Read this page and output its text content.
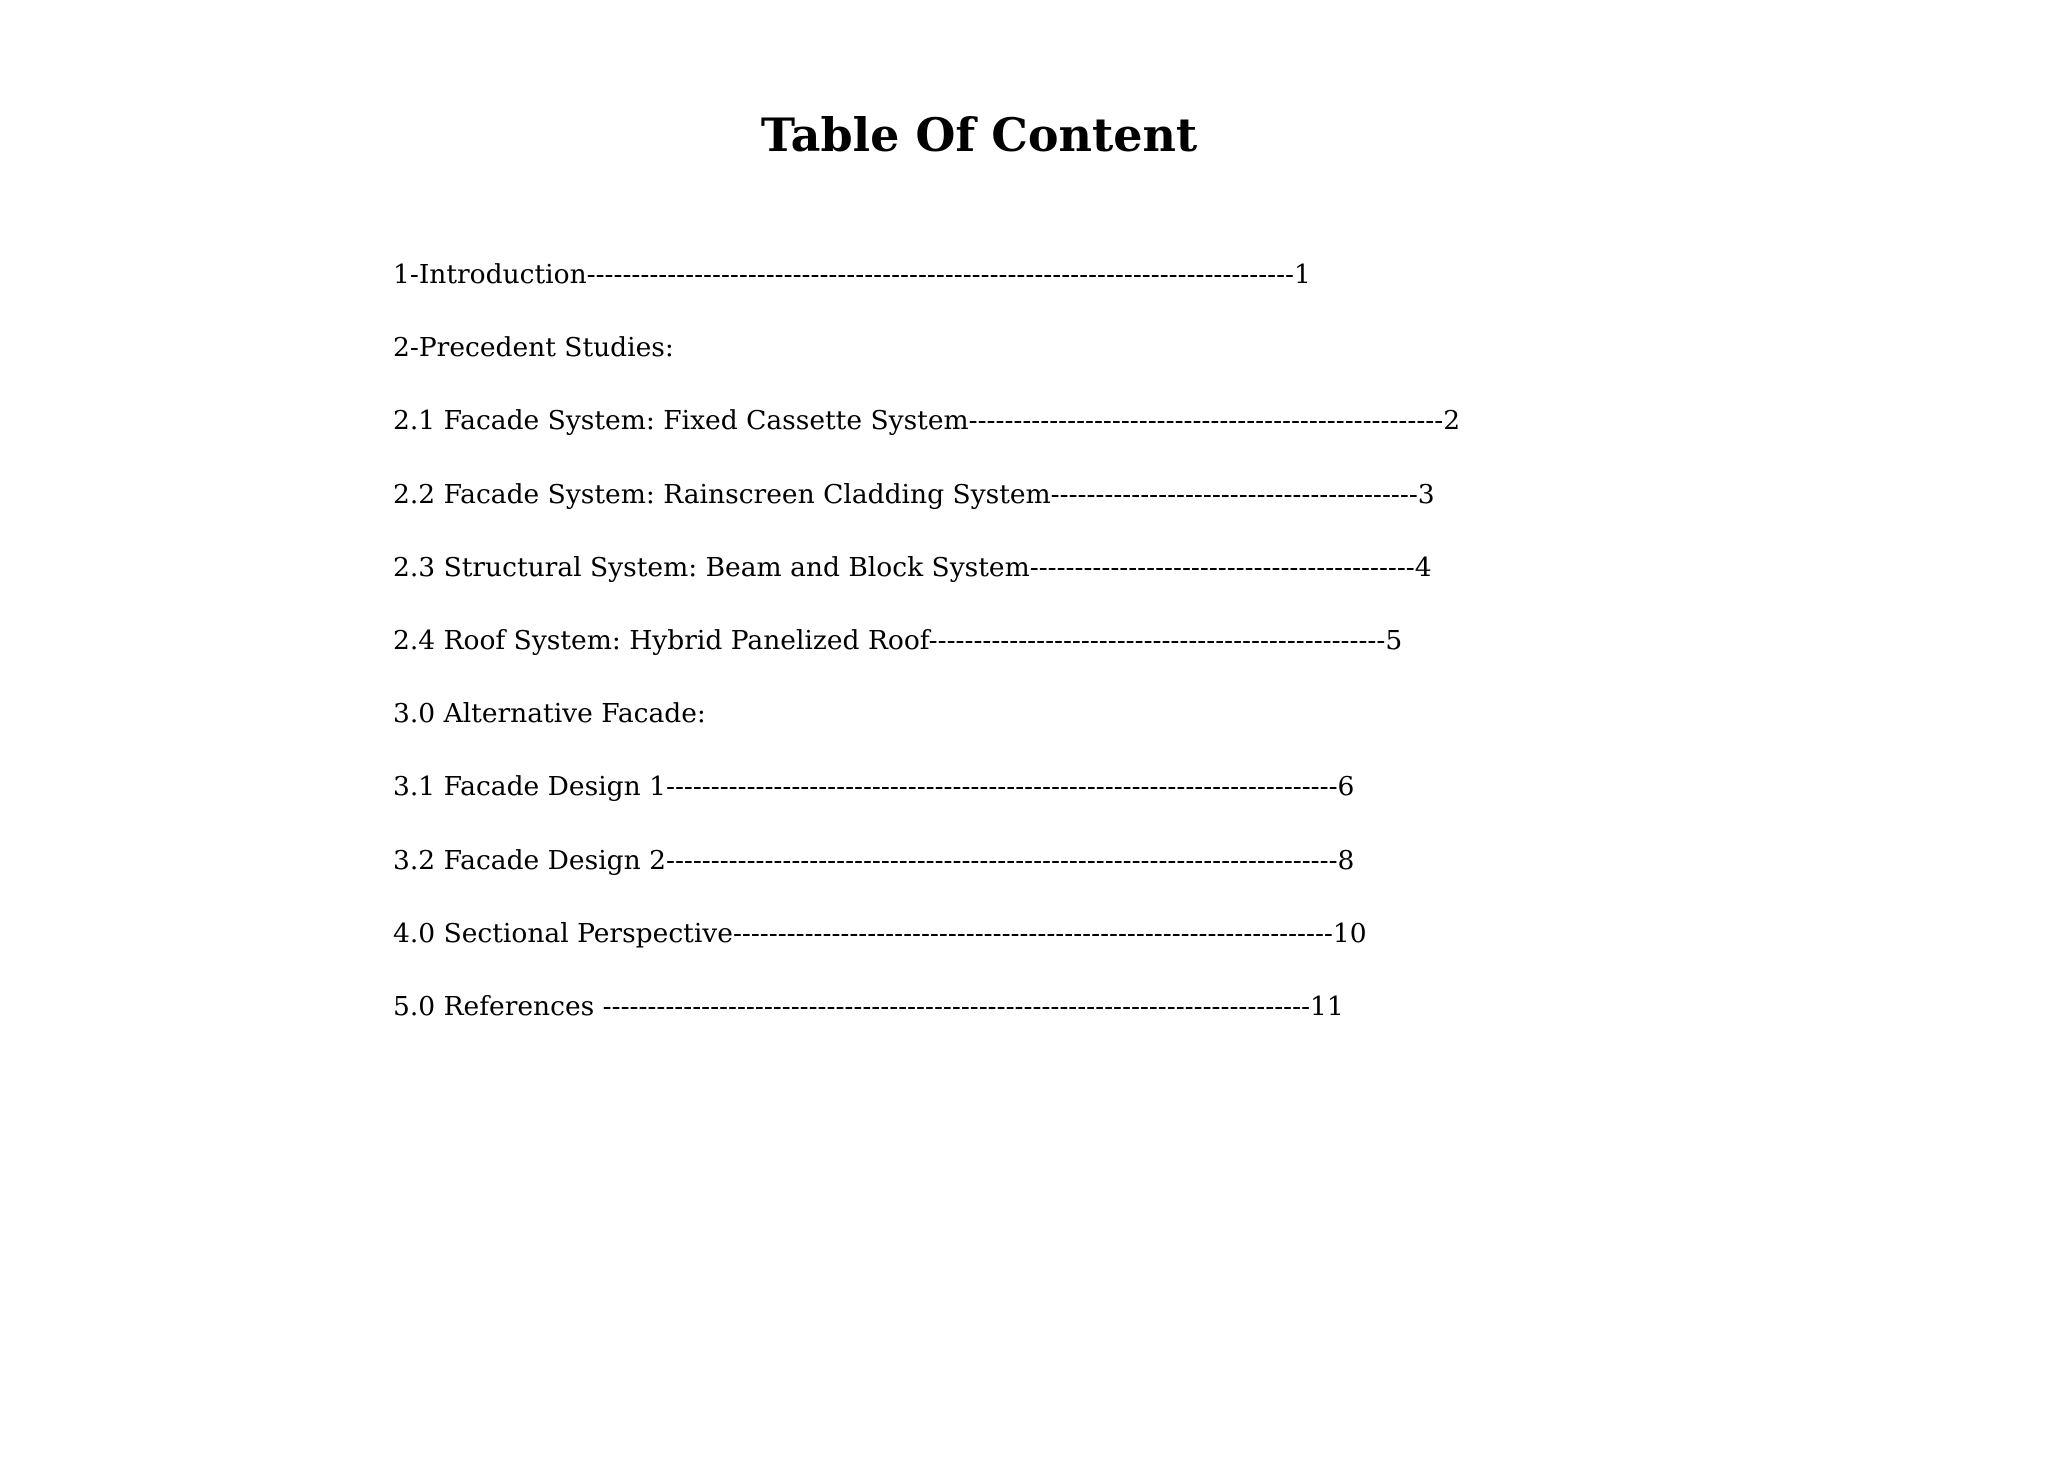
Table Of Content
1-Introduction-------------------------------------------------------------------------------1
2-Precedent Studies:
2.1 Facade System: Fixed Cassette System-----------------------------------------------------2
2.2 Facade System: Rainscreen Cladding System-----------------------------------------3
2.3 Structural System: Beam and Block System-------------------------------------------4
2.4 Roof System: Hybrid Panelized Roof---------------------------------------------------5
3.0 Alternative Facade:
3.1 Facade Design 1---------------------------------------------------------------------------6
3.2 Facade Design 2---------------------------------------------------------------------------8
4.0 Sectional Perspective-------------------------------------------------------------------10
5.0 References -------------------------------------------------------------------------------11
